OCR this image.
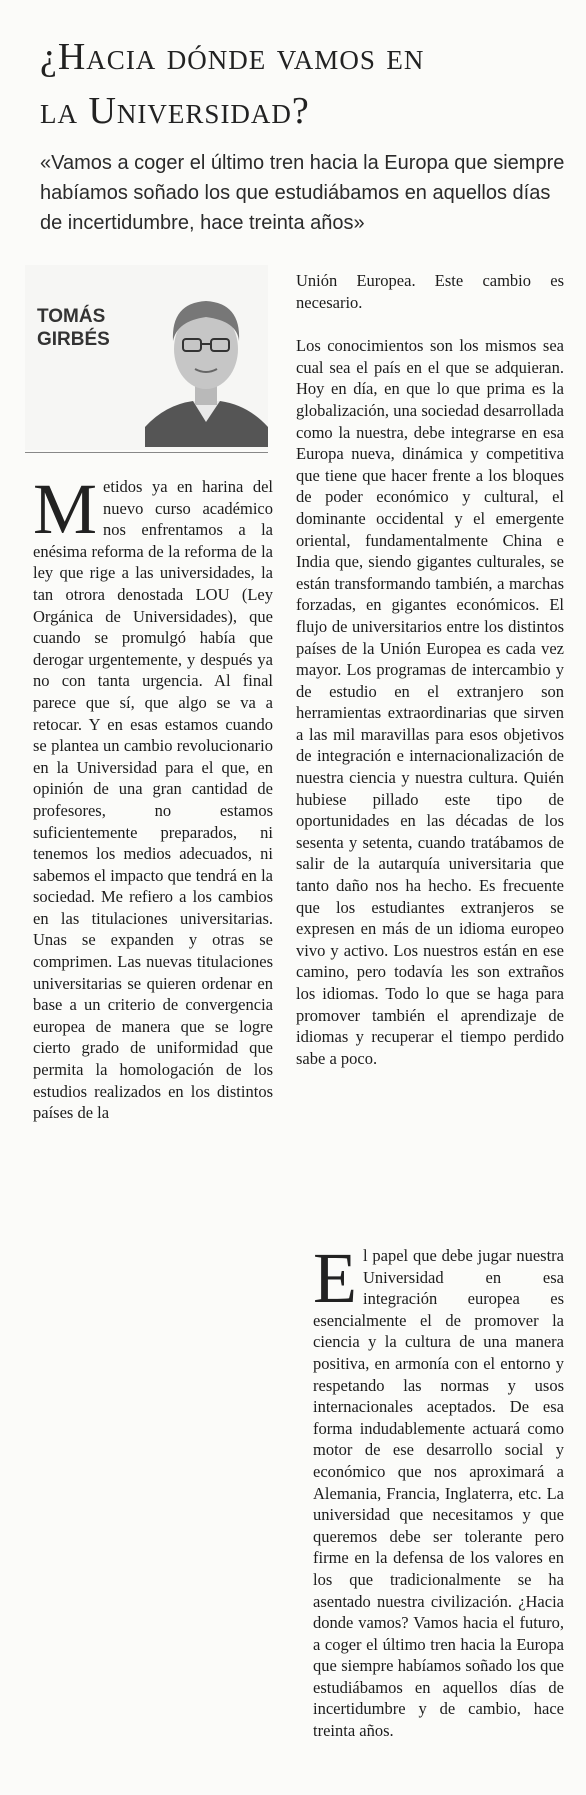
¿Hacia dónde vamos en
la Universidad?

«Vamos a coger el último tren hacia la Europa que siempre habíamos soñado los que estudiábamos en aquellos días de incertidumbre, hace treinta años»

TOMÁS
GIRBÉS

Metidos ya en harina del nuevo curso académico nos enfrentamos a la enésima reforma de la reforma de la ley que rige a las universidades, la tan otrora denostada LOU (Ley Orgánica de Universidades), que cuando se promulgó había que derogar urgentemente, y después ya no con tanta urgencia. Al final parece que sí, que algo se va a retocar. Y en esas estamos cuando se plantea un cambio revolucionario en la Universidad para el que, en opinión de una gran cantidad de profesores, no estamos suficientemente preparados, ni tenemos los medios adecuados, ni sabemos el impacto que tendrá en la sociedad. Me refiero a los cambios en las titulaciones universitarias. Unas se expanden y otras se comprimen. Las nuevas titulaciones universitarias se quieren ordenar en base a un criterio de convergencia europea de manera que se logre cierto grado de uniformidad que permita la homologación de los estudios realizados en los distintos países de la

Unión Europea. Este cambio es necesario.

Los conocimientos son los mismos sea cual sea el país en el que se adquieran. Hoy en día, en que lo que prima es la globalización, una sociedad desarrollada como la nuestra, debe integrarse en esa Europa nueva, dinámica y competitiva que tiene que hacer frente a los bloques de poder económico y cultural, el dominante occidental y el emergente oriental, fundamentalmente China e India que, siendo gigantes culturales, se están transformando también, a marchas forzadas, en gigantes económicos. El flujo de universitarios entre los distintos países de la Unión Europea es cada vez mayor. Los programas de intercambio y de estudio en el extranjero son herramientas extraordinarias que sirven a las mil maravillas para esos objetivos de integración e internacionalización de nuestra ciencia y nuestra cultura. Quién hubiese pillado este tipo de oportunidades en las décadas de los sesenta y setenta, cuando tratábamos de salir de la autarquía universitaria que tanto daño nos ha hecho. Es frecuente que los estudiantes extranjeros se expresen en más de un idioma europeo vivo y activo. Los nuestros están en ese camino, pero todavía les son extraños los idiomas. Todo lo que se haga para promover también el aprendizaje de idiomas y recuperar el tiempo perdido sabe a poco.

El papel que debe jugar nuestra Universidad en esa integración europea es esencialmente el de promover la ciencia y la cultura de una manera positiva, en armonía con el entorno y respetando las normas y usos internacionales aceptados. De esa forma indudablemente actuará como motor de ese desarrollo social y económico que nos aproximará a Alemania, Francia, Inglaterra, etc. La universidad que necesitamos y que queremos debe ser tolerante pero firme en la defensa de los valores en los que tradicionalmente se ha asentado nuestra civilización. ¿Hacia donde vamos? Vamos hacia el futuro, a coger el último tren hacia la Europa que siempre habíamos soñado los que estudiábamos en aquellos días de incertidumbre y de cambio, hace treinta años.
